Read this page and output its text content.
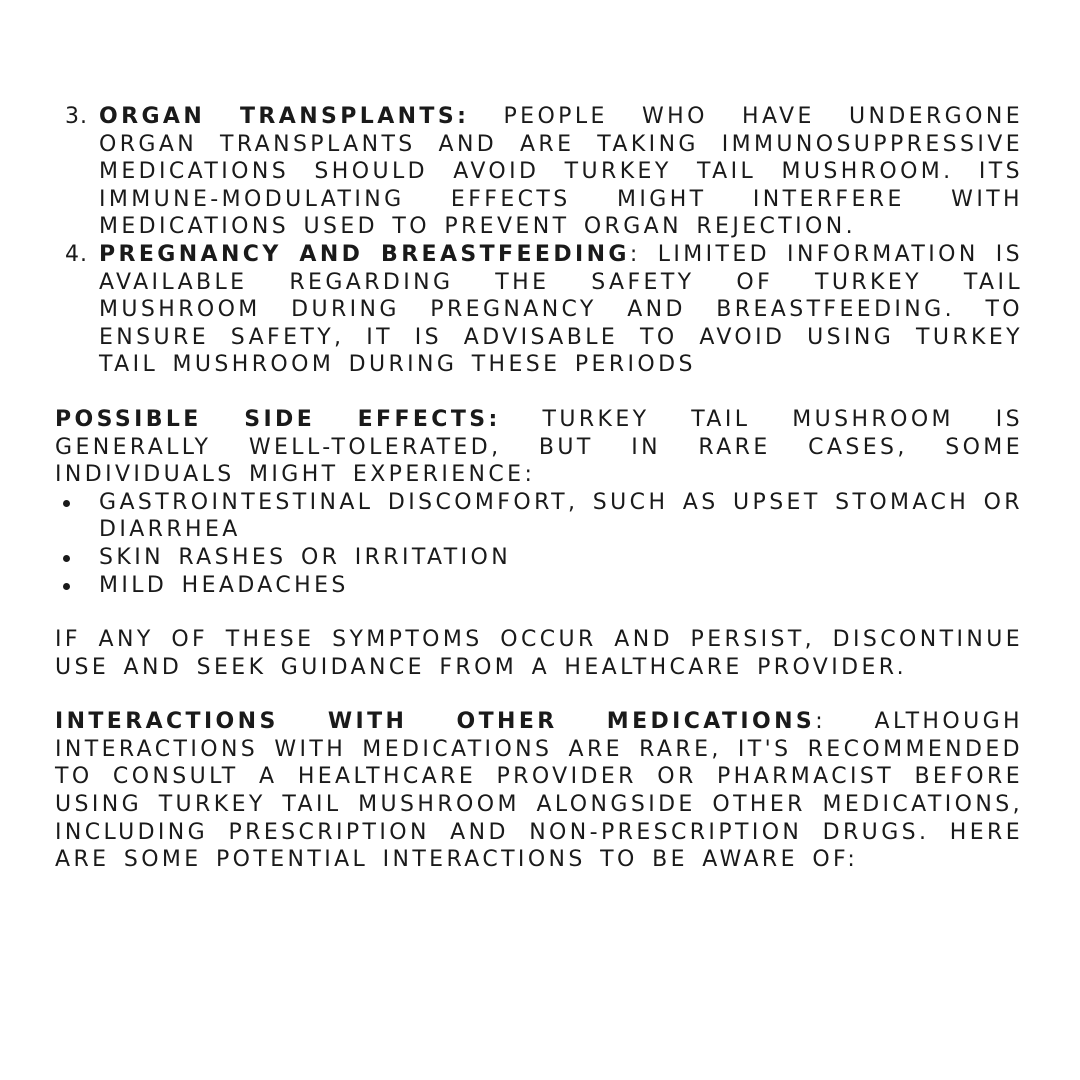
3. ORGAN TRANSPLANTS: PEOPLE WHO HAVE UNDERGONE ORGAN TRANSPLANTS AND ARE TAKING IMMUNOSUPPRESSIVE MEDICATIONS SHOULD AVOID TURKEY TAIL MUSHROOM. ITS IMMUNE-MODULATING EFFECTS MIGHT INTERFERE WITH MEDICATIONS USED TO PREVENT ORGAN REJECTION.
4. PREGNANCY AND BREASTFEEDING: LIMITED INFORMATION IS AVAILABLE REGARDING THE SAFETY OF TURKEY TAIL MUSHROOM DURING PREGNANCY AND BREASTFEEDING. TO ENSURE SAFETY, IT IS ADVISABLE TO AVOID USING TURKEY TAIL MUSHROOM DURING THESE PERIODS

POSSIBLE SIDE EFFECTS: TURKEY TAIL MUSHROOM IS GENERALLY WELL-TOLERATED, BUT IN RARE CASES, SOME INDIVIDUALS MIGHT EXPERIENCE:

GASTROINTESTINAL DISCOMFORT, SUCH AS UPSET STOMACH OR DIARRHEA
SKIN RASHES OR IRRITATION
MILD HEADACHES

IF ANY OF THESE SYMPTOMS OCCUR AND PERSIST, DISCONTINUE USE AND SEEK GUIDANCE FROM A HEALTHCARE PROVIDER.

INTERACTIONS WITH OTHER MEDICATIONS: ALTHOUGH INTERACTIONS WITH MEDICATIONS ARE RARE, IT'S RECOMMENDED TO CONSULT A HEALTHCARE PROVIDER OR PHARMACIST BEFORE USING TURKEY TAIL MUSHROOM ALONGSIDE OTHER MEDICATIONS, INCLUDING PRESCRIPTION AND NON-PRESCRIPTION DRUGS. HERE ARE SOME POTENTIAL INTERACTIONS TO BE AWARE OF:
